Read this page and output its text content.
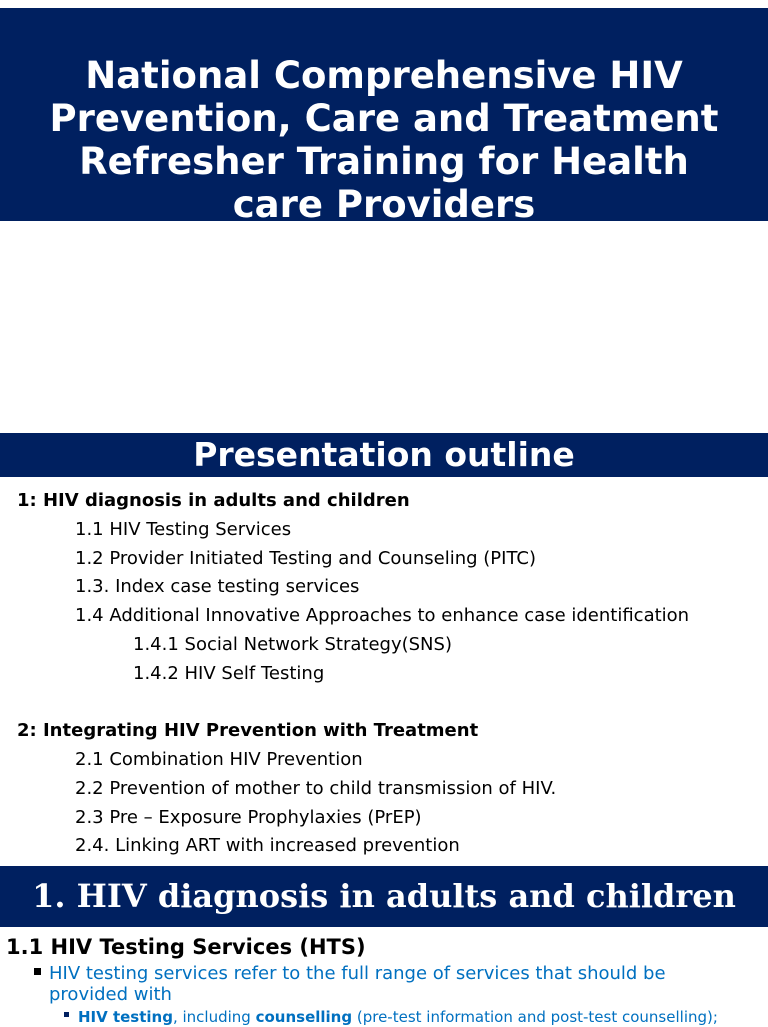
National Comprehensive HIV
Prevention, Care and Treatment
Refresher Training for Health
care Providers
Presentation outline

1: HIV diagnosis in adults and children

1.1 HIV Testing Services

1.2 Provider Initiated Testing and Counseling (PITC)

1.3. Index case testing services

1.4 Additional Innovative Approaches to enhance case identification

1.4.1 Social Network Strategy(SNS)

1.4.2 HIV Self Testing

2: Integrating HIV Prevention with Treatment

2.1 Combination HIV Prevention

2.2 Prevention of mother to child transmission of HIV.

2.3 Pre – Exposure Prophylaxies (PrEP)

2.4. Linking ART with increased prevention

1. HIV diagnosis in adults and children
1.1 HIV Testing Services (HTS)

HIV testing services refer to the full range of services that should be provided with

HIV testing, including counselling (pre-test information and post-test counselling);
